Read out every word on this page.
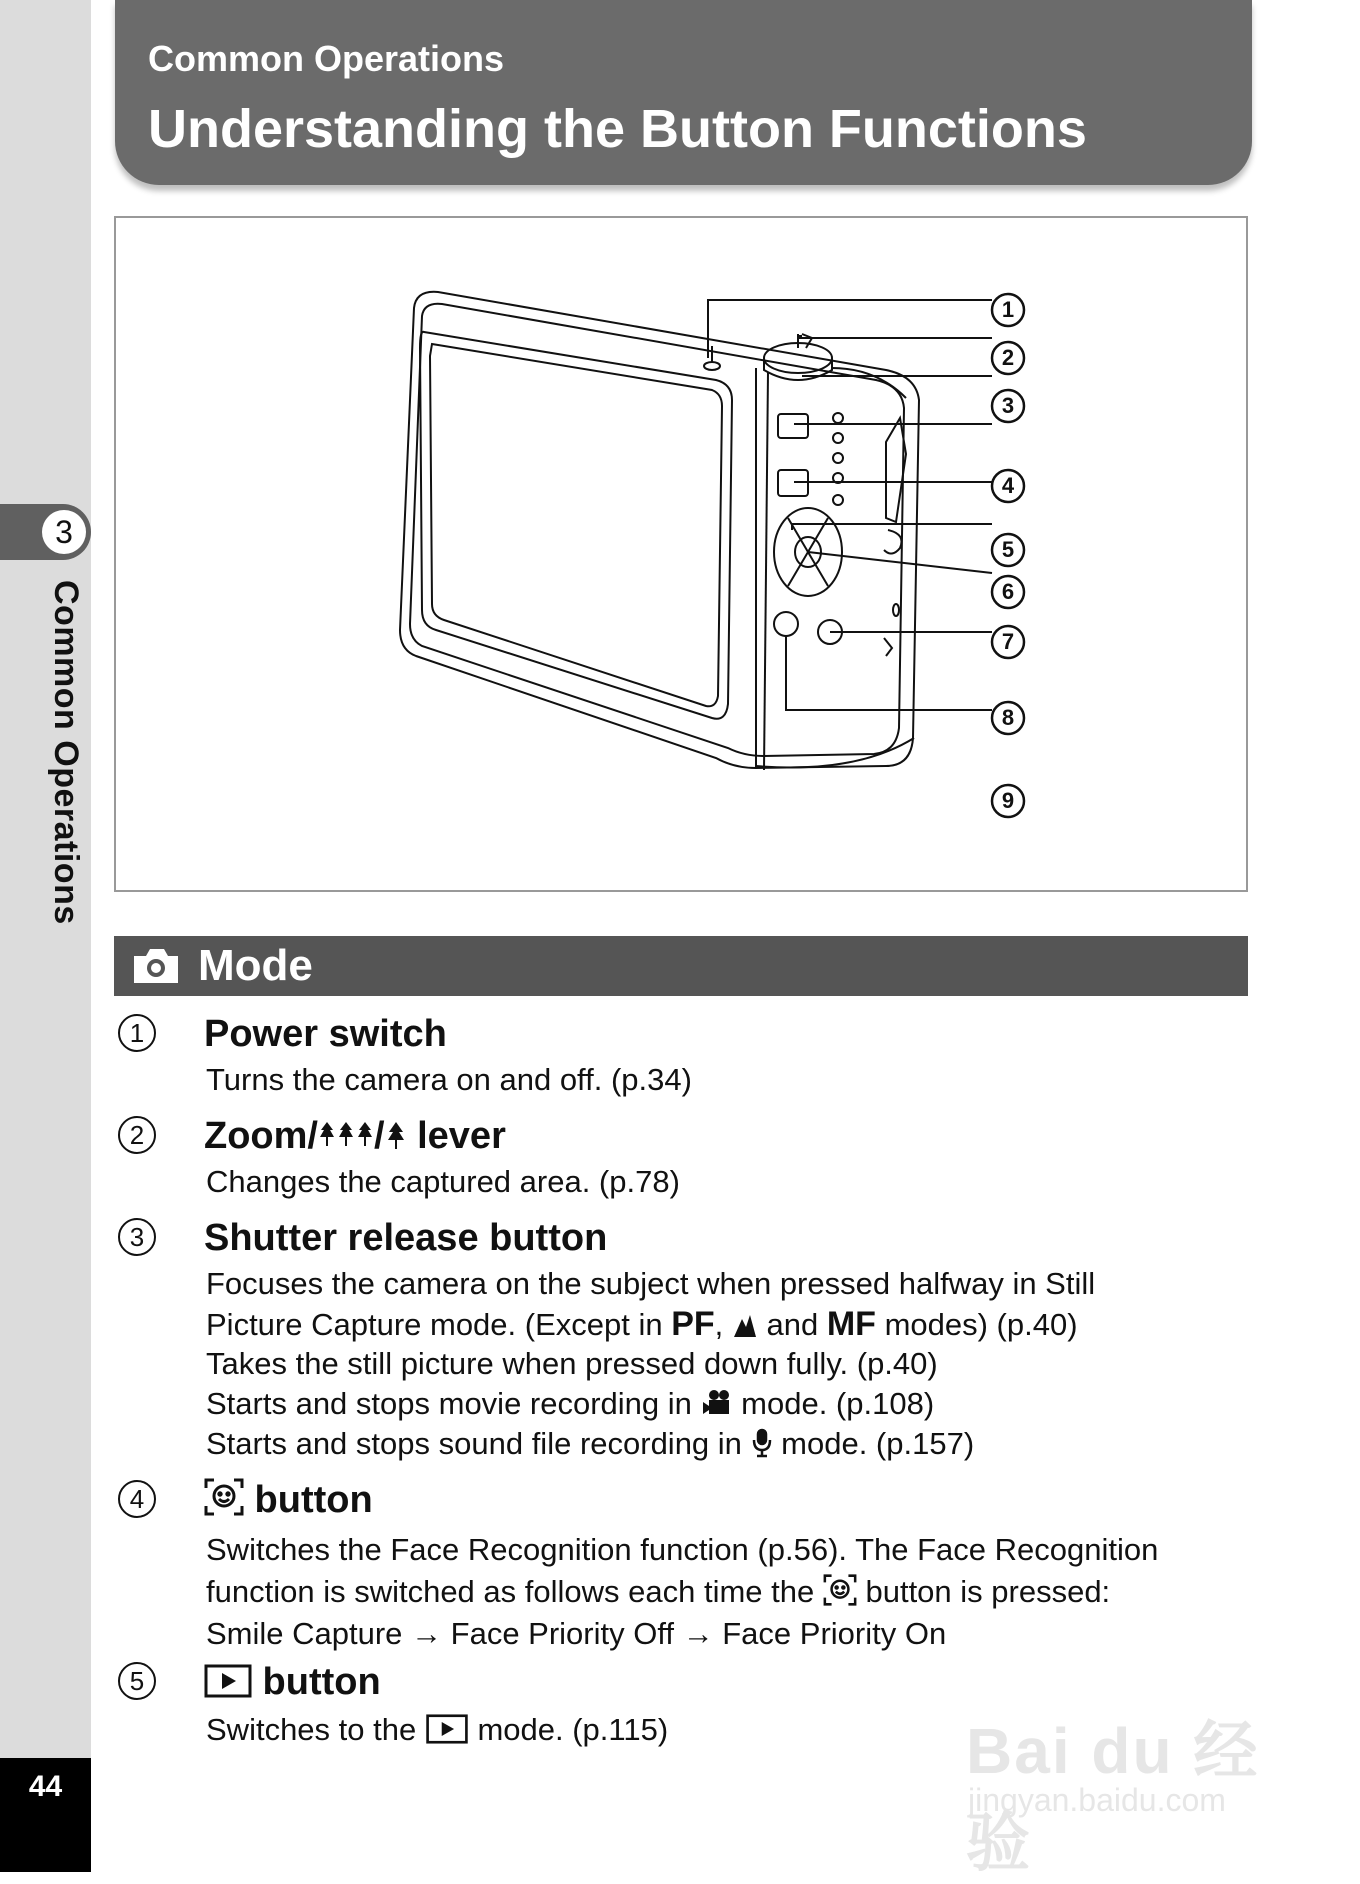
3
Common Operations
44
Common Operations
Understanding the Button Functions
1
2
3
4
5
6
7
8
9
Mode
1	Power switch
Turns the camera on and off. (p.34)
2	Zoom/ / lever
Changes the captured area. (p.78)
3	Shutter release button
Focuses the camera on the subject when pressed halfway in Still
Picture Capture mode. (Except in PF,  and MF modes) (p.40)
Takes the still picture when pressed down fully. (p.40)
Starts and stops movie recording in  mode. (p.108)
Starts and stops sound file recording in  mode. (p.157)
4	button
Switches the Face Recognition function (p.56). The Face Recognition
function is switched as follows each time the  button is pressed:
Smile Capture → Face Priority Off → Face Priority On
5	button
Switches to the  mode. (p.115)	Bai du 经验
jingyan.baidu.com
